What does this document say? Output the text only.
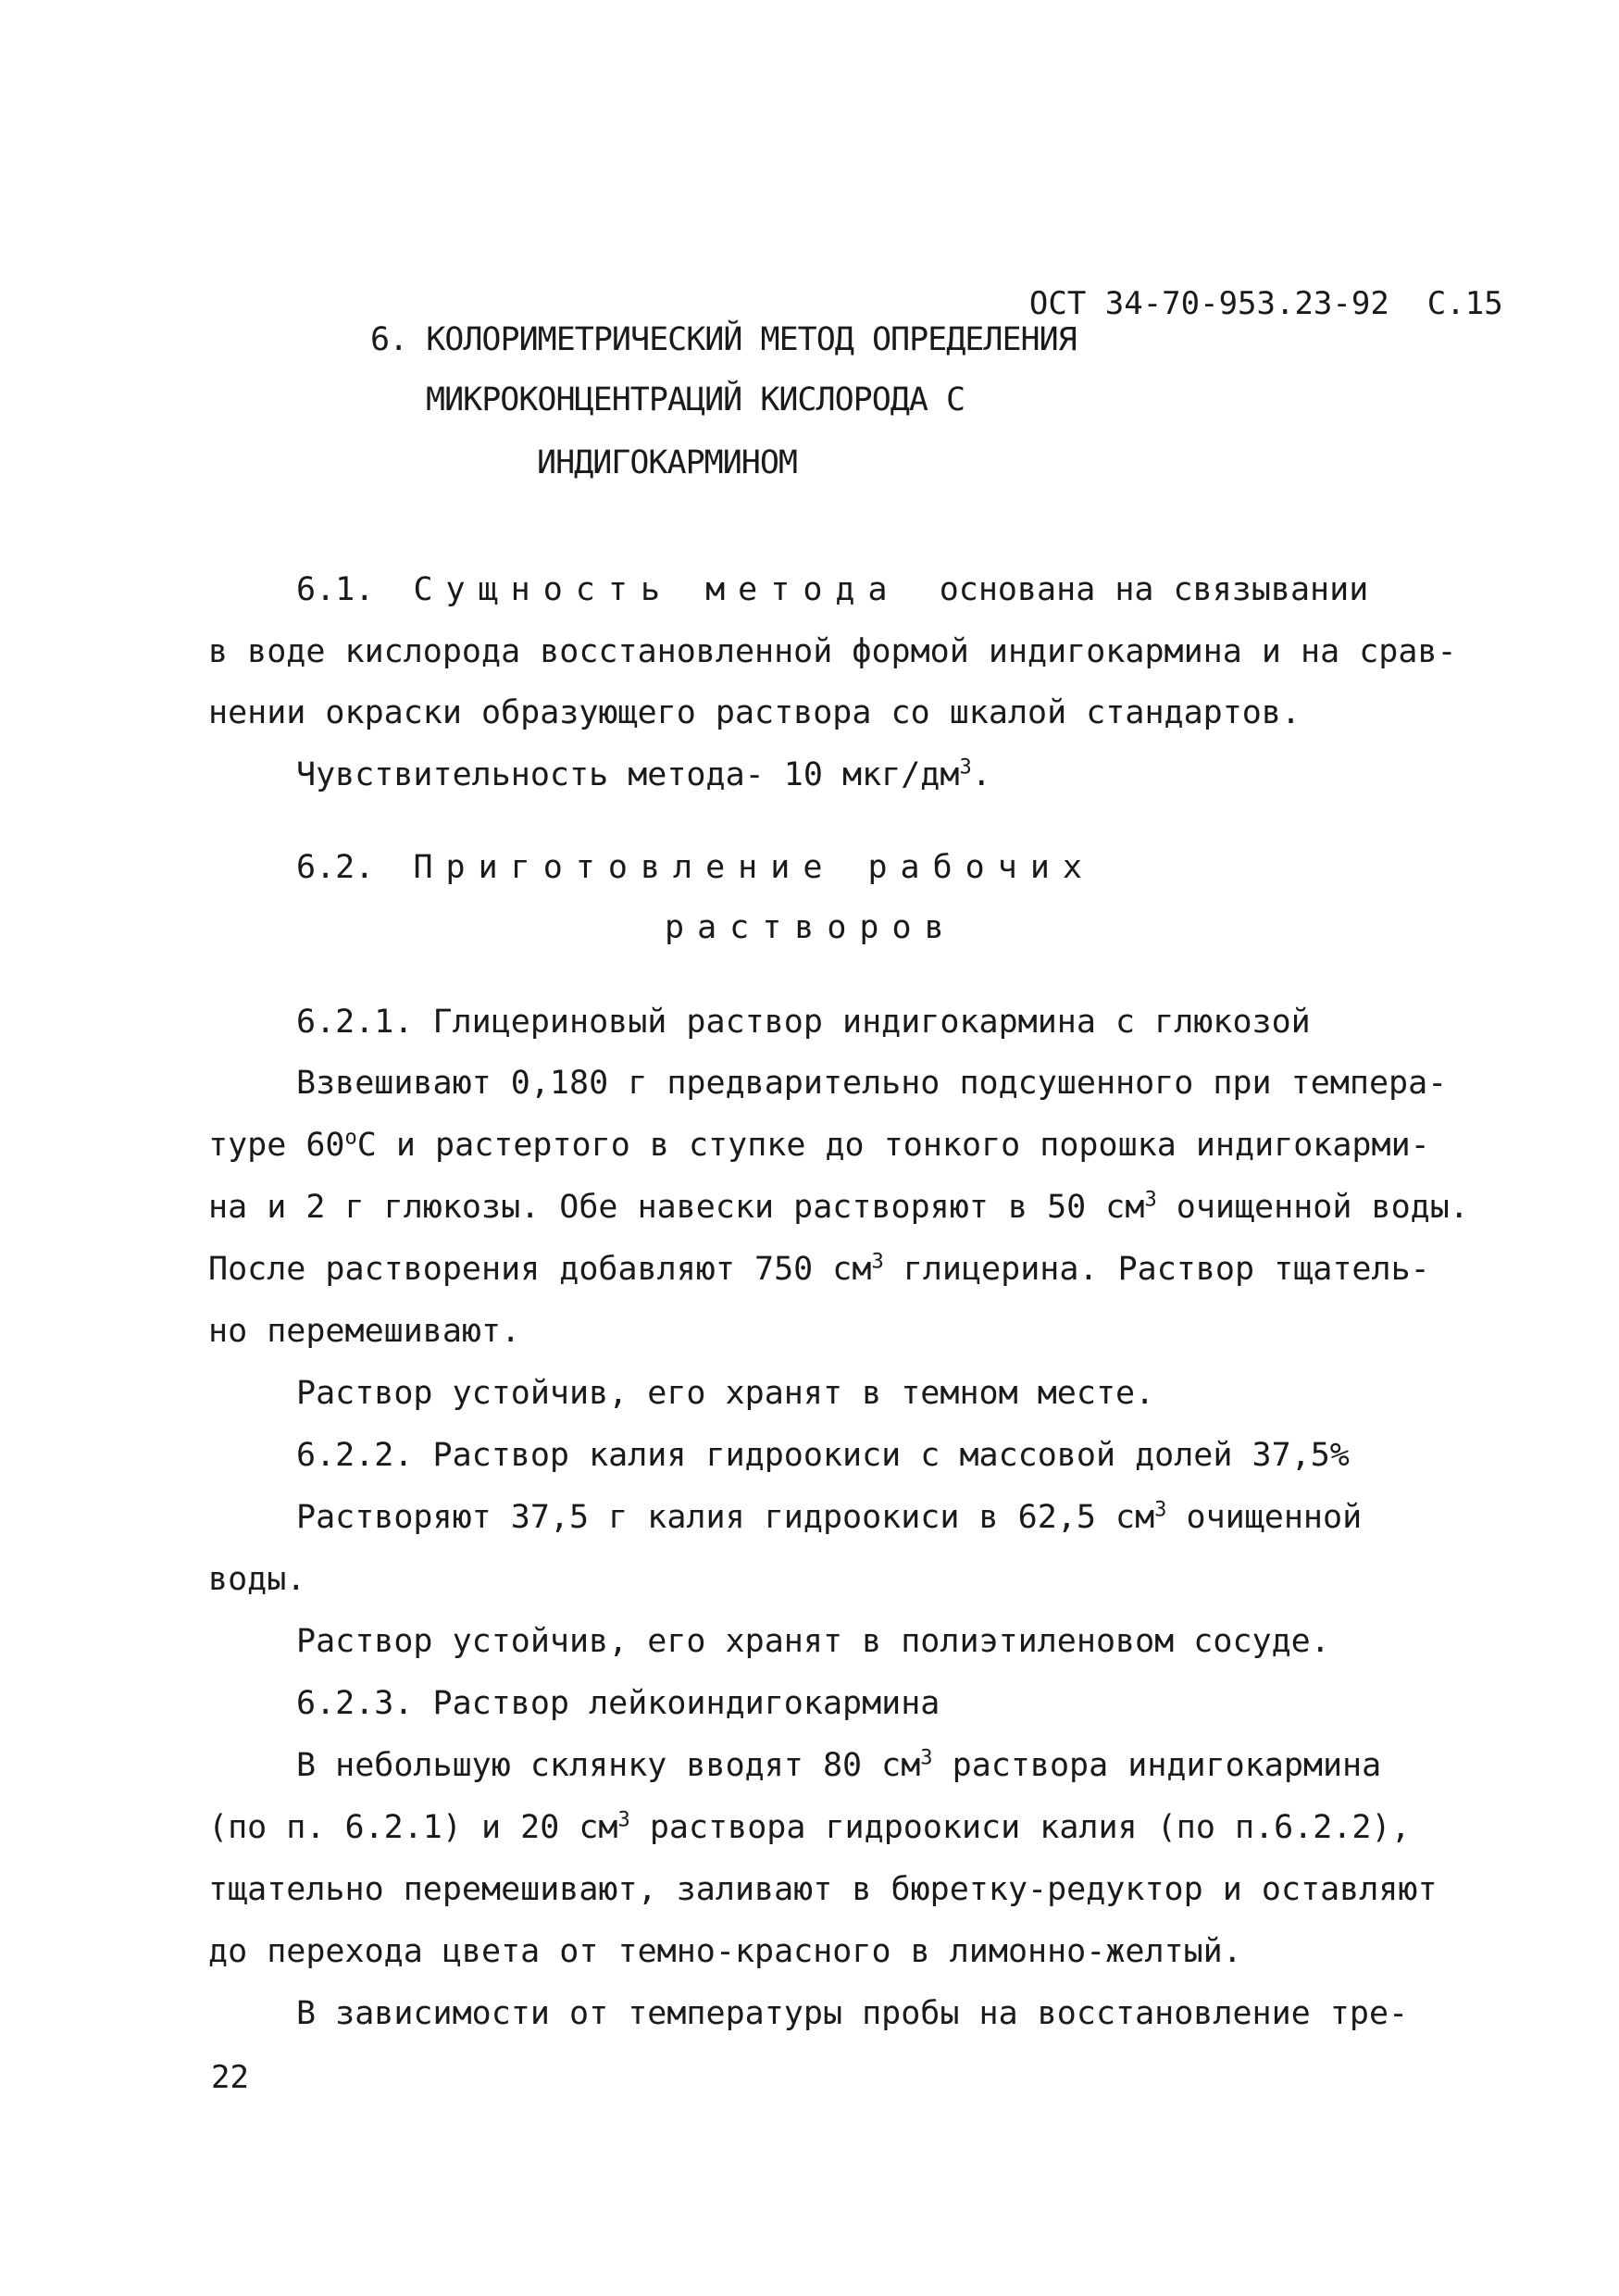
ОСТ 34-70-953.23-92 С.15

6. КОЛОРИМЕТРИЧЕСКИЙ МЕТОД ОПРЕДЕЛЕНИЯ
МИКРОКОНЦЕНТРАЦИЙ КИСЛОРОДА С
ИНДИГОКАРМИНОМ
6.1. Сущность метода основана на связывании
в воде кислорода восстановленной формой индигокармина и на срав-
нении окраски образующего раствора со шкалой стандартов.
Чувствительность метода- 10 мкг/$дм^3$.
6.2. Приготовление рабочих
растворов
6.2.1. Глицериновый раствор индигокармина с глюкозой
Взвешивают 0,180 г предварительно подсушенного при темпера-
туре $60^оС$ и растертого в ступке до тонкого порошка индигокарми-
на и 2 г глюкозы. Обе навески растворяют в 50 $см^3$ очищенной воды.
После растворения добавляют 750 $см^3$ глицерина. Раствор тщатель-
но перемешивают.
Раствор устойчив, его хранят в темном месте.
6.2.2. Раствор калия гидроокиси с массовой долей 37,5%
Растворяют 37,5 г калия гидроокиси в 62,5 $см^3$ очищенной
воды.
Раствор устойчив, его хранят в полиэтиленовом сосуде.
6.2.3. Раствор лейкоиндигокармина
В небольшую склянку вводят 80 $см^3$ раствора индигокармина
(по п. 6.2.1) и 20 $см^3$ раствора гидроокиси калия (по п.6.2.2),
тщательно перемешивают, заливают в бюретку-редуктор и оставляют
до перехода цвета от темно-красного в лимонно-желтый.
В зависимости от температуры пробы на восстановление тре-
22
